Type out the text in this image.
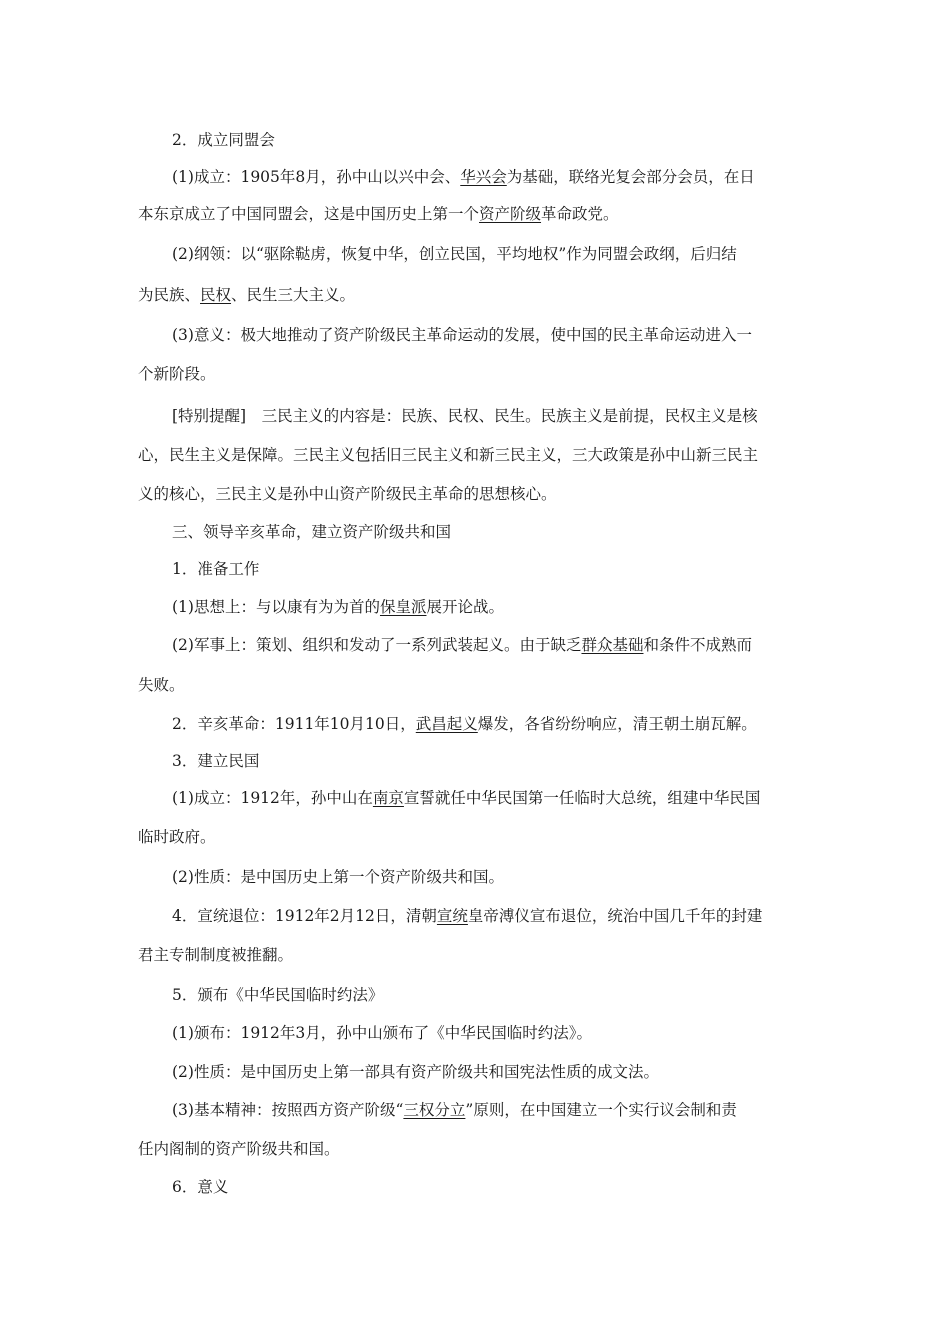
2．成立同盟会
(1)成立：1905年8月，孙中山以兴中会、华兴会为基础，联络光复会部分会员，在日
本东京成立了中国同盟会，这是中国历史上第一个资产阶级革命政党。
(2)纲领：以“驱除鞑虏，恢复中华，创立民国，平均地权”作为同盟会政纲，后归结
为民族、民权、民生三大主义。
(3)意义：极大地推动了资产阶级民主革命运动的发展，使中国的民主革命运动进入一
个新阶段。
[特别提醒]　三民主义的内容是：民族、民权、民生。民族主义是前提，民权主义是核
心，民生主义是保障。三民主义包括旧三民主义和新三民主义，三大政策是孙中山新三民主
义的核心，三民主义是孙中山资产阶级民主革命的思想核心。
三、领导辛亥革命，建立资产阶级共和国
1．准备工作
(1)思想上：与以康有为为首的保皇派展开论战。
(2)军事上：策划、组织和发动了一系列武装起义。由于缺乏群众基础和条件不成熟而
失败。
2．辛亥革命：1911年10月10日，武昌起义爆发，各省纷纷响应，清王朝土崩瓦解。
3．建立民国
(1)成立：1912年，孙中山在南京宣誓就任中华民国第一任临时大总统，组建中华民国
临时政府。
(2)性质：是中国历史上第一个资产阶级共和国。
4．宣统退位：1912年2月12日，清朝宣统皇帝溥仪宣布退位，统治中国几千年的封建
君主专制制度被推翻。
5．颁布《中华民国临时约法》
(1)颁布：1912年3月，孙中山颁布了《中华民国临时约法》。
(2)性质：是中国历史上第一部具有资产阶级共和国宪法性质的成文法。
(3)基本精神：按照西方资产阶级“三权分立”原则，在中国建立一个实行议会制和责
任内阁制的资产阶级共和国。
6．意义
